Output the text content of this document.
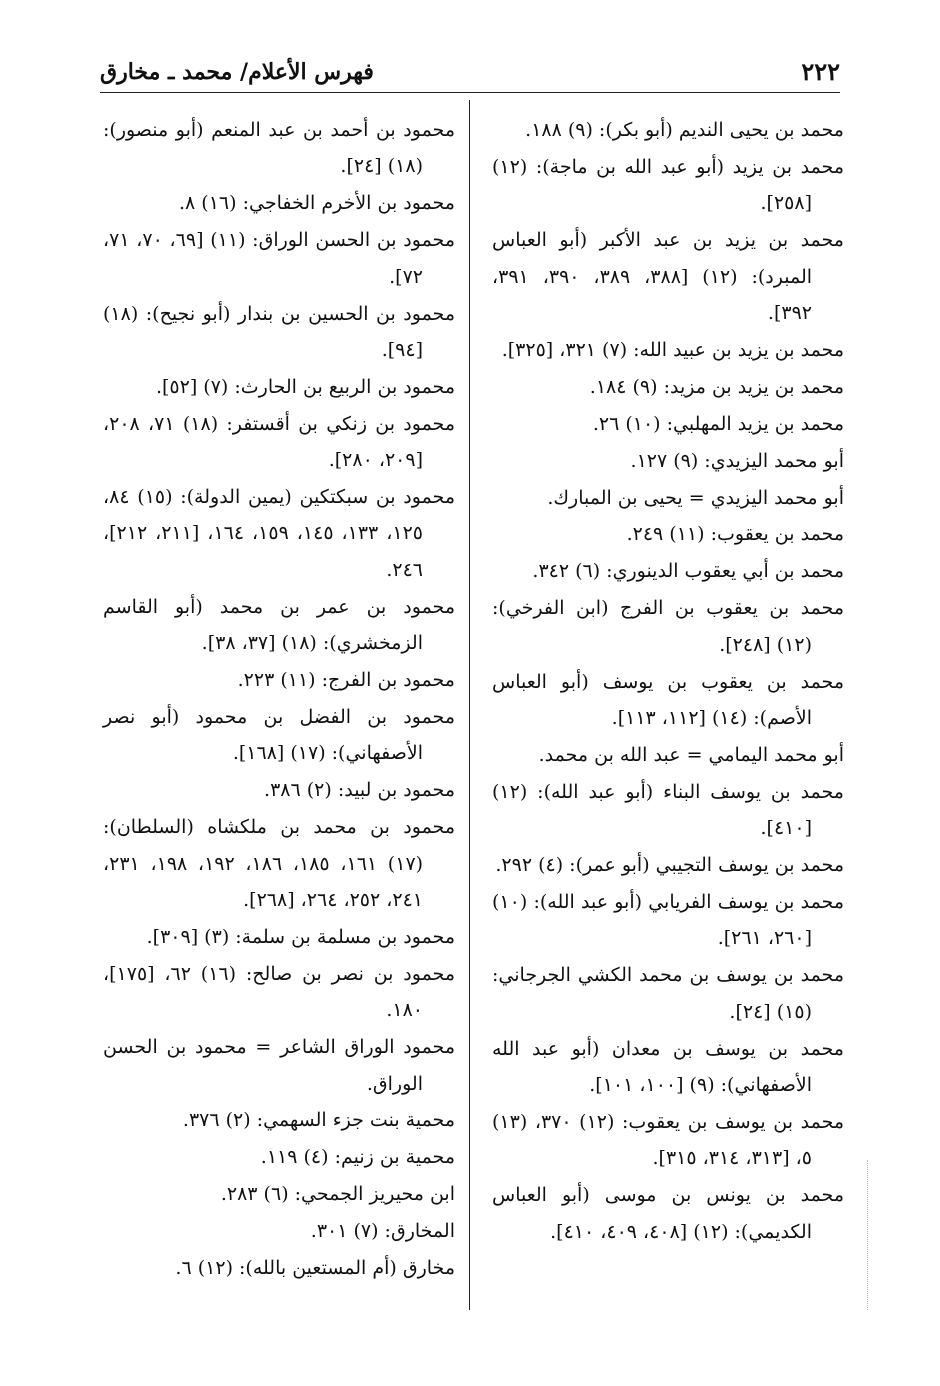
٢٢٢
فهرس الأعلام/ محمد ـ مخارق

محمد بن يحيى النديم (أبو بكر): (٩) ١٨٨.

محمد بن يزيد (أبو عبد الله بن ماجة): (١٢) [٢٥٨].

محمد بن يزيد بن عبد الأكبر (أبو العباس المبرد): (١٢) [٣٨٨، ٣٨٩، ٣٩٠، ٣٩١، ٣٩٢].

محمد بن يزيد بن عبيد الله: (٧) ٣٢١، [٣٢٥].

محمد بن يزيد بن مزيد: (٩) ١٨٤.

محمد بن يزيد المهلبي: (١٠) ٢٦.

أبو محمد اليزيدي: (٩) ١٢٧.

أبو محمد اليزيدي = يحيى بن المبارك.

محمد بن يعقوب: (١١) ٢٤٩.

محمد بن أبي يعقوب الدينوري: (٦) ٣٤٢.

محمد بن يعقوب بن الفرج (ابن الفرخي): (١٢) [٢٤٨].

محمد بن يعقوب بن يوسف (أبو العباس الأصم): (١٤) [١١٢، ١١٣].

أبو محمد اليمامي = عبد الله بن محمد.

محمد بن يوسف البناء (أبو عبد الله): (١٢) [٤١٠].

محمد بن يوسف التجيبي (أبو عمر): (٤) ٢٩٢.

محمد بن يوسف الفريابي (أبو عبد الله): (١٠) [٢٦٠، ٢٦١].

محمد بن يوسف بن محمد الكشي الجرجاني: (١٥) [٢٤].

محمد بن يوسف بن معدان (أبو عبد الله الأصفهاني): (٩) [١٠٠، ١٠١].

محمد بن يوسف بن يعقوب: (١٢) ٣٧٠، (١٣) ٥، [٣١٣، ٣١٤، ٣١٥].

محمد بن يونس بن موسى (أبو العباس الكديمي): (١٢) [٤٠٨، ٤٠٩، ٤١٠].

محمود بن أحمد بن عبد المنعم (أبو منصور): (١٨) [٢٤].

محمود بن الأخرم الخفاجي: (١٦) ٨.

محمود بن الحسن الوراق: (١١) [٦٩، ٧٠، ٧١، ٧٢].

محمود بن الحسين بن بندار (أبو نجيح): (١٨) [٩٤].

محمود بن الربيع بن الحارث: (٧) [٥٢].

محمود بن زنكي بن أقستفر: (١٨) ٧١، ٢٠٨، [٢٠٩، ٢٨٠].

محمود بن سبكتكين (يمين الدولة): (١٥) ٨٤، ١٢٥، ١٣٣، ١٤٥، ١٥٩، ١٦٤، [٢١١، ٢١٢]، ٢٤٦.

محمود بن عمر بن محمد (أبو القاسم الزمخشري): (١٨) [٣٧، ٣٨].

محمود بن الفرج: (١١) ٢٢٣.

محمود بن الفضل بن محمود (أبو نصر الأصفهاني): (١٧) [١٦٨].

محمود بن لبيد: (٢) ٣٨٦.

محمود بن محمد بن ملكشاه (السلطان): (١٧) ١٦١، ١٨٥، ١٨٦، ١٩٢، ١٩٨، ٢٣١، ٢٤١، ٢٥٢، ٢٦٤، [٢٦٨].

محمود بن مسلمة بن سلمة: (٣) [٣٠٩].

محمود بن نصر بن صالح: (١٦) ٦٢، [١٧٥]، ١٨٠.

محمود الوراق الشاعر = محمود بن الحسن الوراق.

محمية بنت جزء السهمي: (٢) ٣٧٦.

محمية بن زنيم: (٤) ١١٩.

ابن محيريز الجمحي: (٦) ٢٨٣.

المخارق: (٧) ٣٠١.

مخارق (أم المستعين بالله): (١٢) ٦.
